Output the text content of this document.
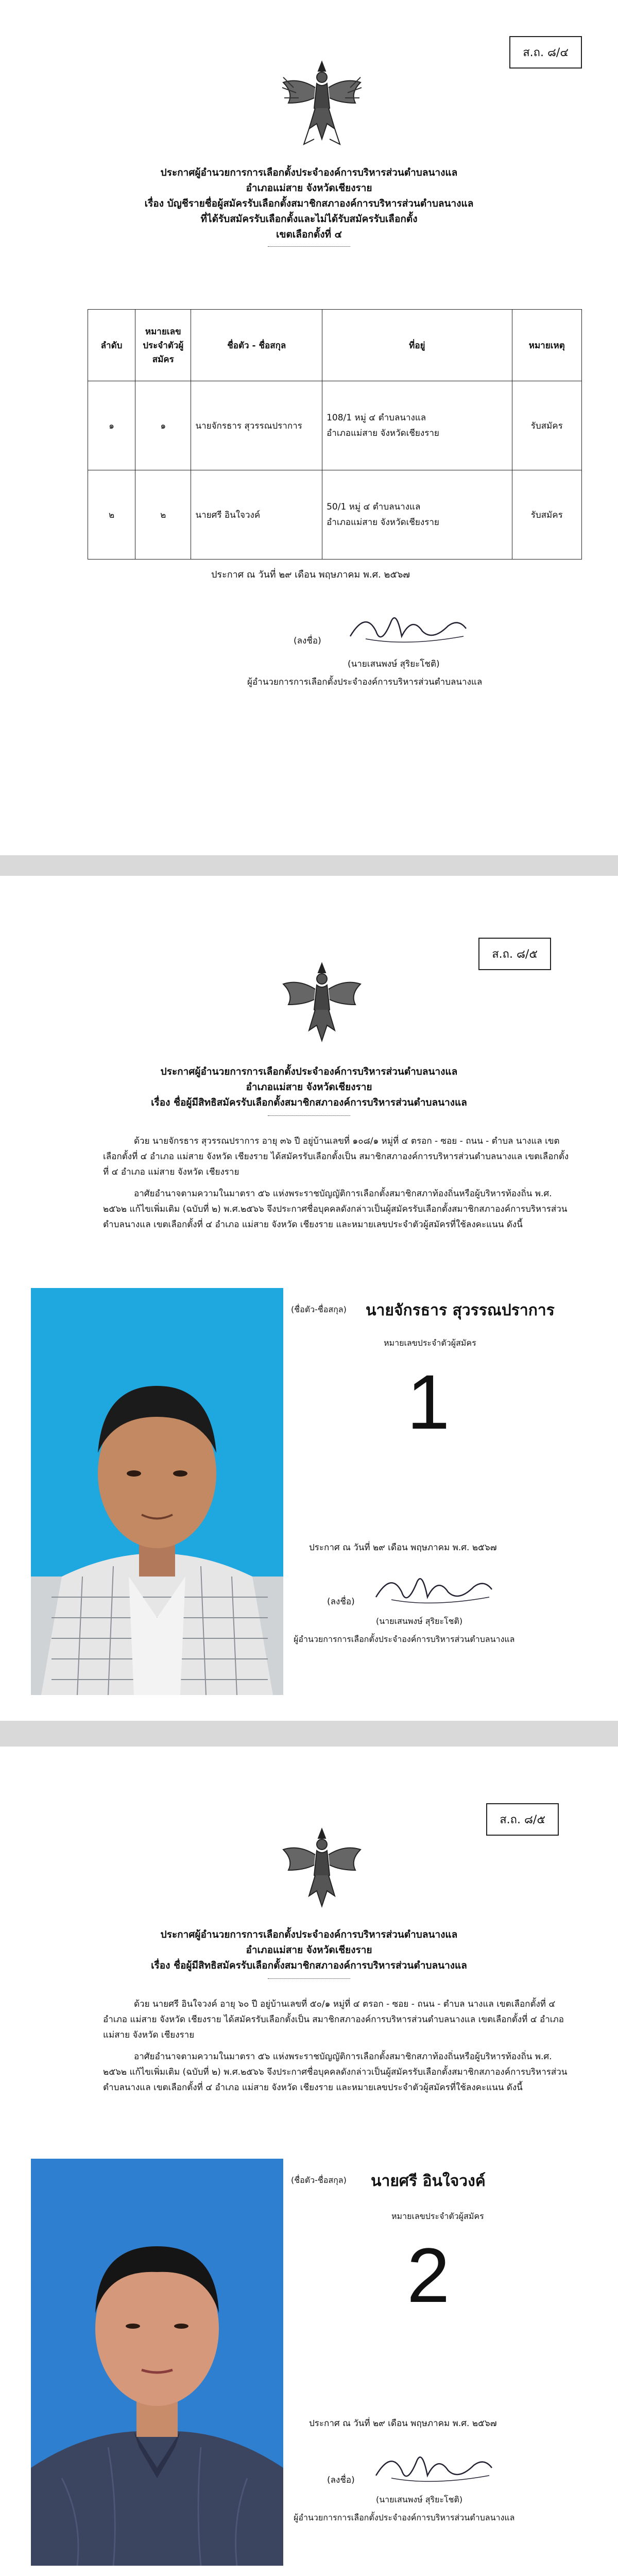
ส.ถ. ๘/๔
ประกาศผู้อำนวยการการเลือกตั้งประจำองค์การบริหารส่วนตำบลนางแล
อำเภอแม่สาย จังหวัดเชียงราย
เรื่อง บัญชีรายชื่อผู้สมัครรับเลือกตั้งสมาชิกสภาองค์การบริหารส่วนตำบลนางแล
ที่ได้รับสมัครรับเลือกตั้งและไม่ได้รับสมัครรับเลือกตั้ง
เขตเลือกตั้งที่ ๔
ลำดับ	หมายเลขประจำตัวผู้สมัคร	ชื่อตัว - ชื่อสกุล	ที่อยู่	หมายเหตุ
๑	๑	นายจักรธาร สุวรรณปราการ	108/1 หมู่ ๔ ตำบลนางแล
อำเภอแม่สาย จังหวัดเชียงราย	รับสมัคร
๒	๒	นายศรี อินใจวงค์	50/1 หมู่ ๔ ตำบลนางแล
อำเภอแม่สาย จังหวัดเชียงราย	รับสมัคร
ประกาศ ณ วันที่ ๒๙ เดือน พฤษภาคม พ.ศ. ๒๕๖๗
(ลงชื่อ)
(นายเสนพงษ์ สุริยะโชติ)
ผู้อำนวยการการเลือกตั้งประจำองค์การบริหารส่วนตำบลนางแล
ส.ถ. ๘/๕
ประกาศผู้อำนวยการการเลือกตั้งประจำองค์การบริหารส่วนตำบลนางแล
อำเภอแม่สาย จังหวัดเชียงราย
เรื่อง ชื่อผู้มีสิทธิสมัครรับเลือกตั้งสมาชิกสภาองค์การบริหารส่วนตำบลนางแล

ด้วย นายจักรธาร สุวรรณปราการ อายุ ๓๖ ปี อยู่บ้านเลขที่ ๑๐๘/๑ หมู่ที่ ๔ ตรอก - ซอย - ถนน - ตำบล นางแล เขตเลือกตั้งที่ ๔ อำเภอ แม่สาย จังหวัด เชียงราย ได้สมัครรับเลือกตั้งเป็น สมาชิกสภาองค์การบริหารส่วนตำบลนางแล เขตเลือกตั้งที่ ๔ อำเภอ แม่สาย จังหวัด เชียงราย

อาศัยอำนาจตามความในมาตรา ๕๖ แห่งพระราชบัญญัติการเลือกตั้งสมาชิกสภาท้องถิ่นหรือผู้บริหารท้องถิ่น พ.ศ. ๒๕๖๒ แก้ไขเพิ่มเติม (ฉบับที่ ๒) พ.ศ.๒๕๖๖ จึงประกาศชื่อบุคคลดังกล่าวเป็นผู้สมัครรับเลือกตั้งสมาชิกสภาองค์การบริหารส่วนตำบลนางแล เขตเลือกตั้งที่ ๔ อำเภอ แม่สาย จังหวัด เชียงราย และหมายเลขประจำตัวผู้สมัครที่ใช้ลงคะแนน ดังนี้

(ชื่อตัว-ชื่อสกุล) นายจักรธาร สุวรรณปราการ
หมายเลขประจำตัวผู้สมัคร
1
ประกาศ ณ วันที่ ๒๙ เดือน พฤษภาคม พ.ศ. ๒๕๖๗
(ลงชื่อ)
(นายเสนพงษ์ สุริยะโชติ)
ผู้อำนวยการการเลือกตั้งประจำองค์การบริหารส่วนตำบลนางแล
ส.ถ. ๘/๕
ประกาศผู้อำนวยการการเลือกตั้งประจำองค์การบริหารส่วนตำบลนางแล
อำเภอแม่สาย จังหวัดเชียงราย
เรื่อง ชื่อผู้มีสิทธิสมัครรับเลือกตั้งสมาชิกสภาองค์การบริหารส่วนตำบลนางแล

ด้วย นายศรี อินใจวงค์ อายุ ๖๐ ปี อยู่บ้านเลขที่ ๕๐/๑ หมู่ที่ ๔ ตรอก - ซอย - ถนน - ตำบล นางแล เขตเลือกตั้งที่ ๔ อำเภอ แม่สาย จังหวัด เชียงราย ได้สมัครรับเลือกตั้งเป็น สมาชิกสภาองค์การบริหารส่วนตำบลนางแล เขตเลือกตั้งที่ ๔ อำเภอ แม่สาย จังหวัด เชียงราย

อาศัยอำนาจตามความในมาตรา ๕๖ แห่งพระราชบัญญัติการเลือกตั้งสมาชิกสภาท้องถิ่นหรือผู้บริหารท้องถิ่น พ.ศ. ๒๕๖๒ แก้ไขเพิ่มเติม (ฉบับที่ ๒) พ.ศ.๒๕๖๖ จึงประกาศชื่อบุคคลดังกล่าวเป็นผู้สมัครรับเลือกตั้งสมาชิกสภาองค์การบริหารส่วนตำบลนางแล เขตเลือกตั้งที่ ๔ อำเภอ แม่สาย จังหวัด เชียงราย และหมายเลขประจำตัวผู้สมัครที่ใช้ลงคะแนน ดังนี้

(ชื่อตัว-ชื่อสกุล) นายศรี อินใจวงค์
หมายเลขประจำตัวผู้สมัคร
2
ประกาศ ณ วันที่ ๒๙ เดือน พฤษภาคม พ.ศ. ๒๕๖๗
(ลงชื่อ)
(นายเสนพงษ์ สุริยะโชติ)
ผู้อำนวยการการเลือกตั้งประจำองค์การบริหารส่วนตำบลนางแล
